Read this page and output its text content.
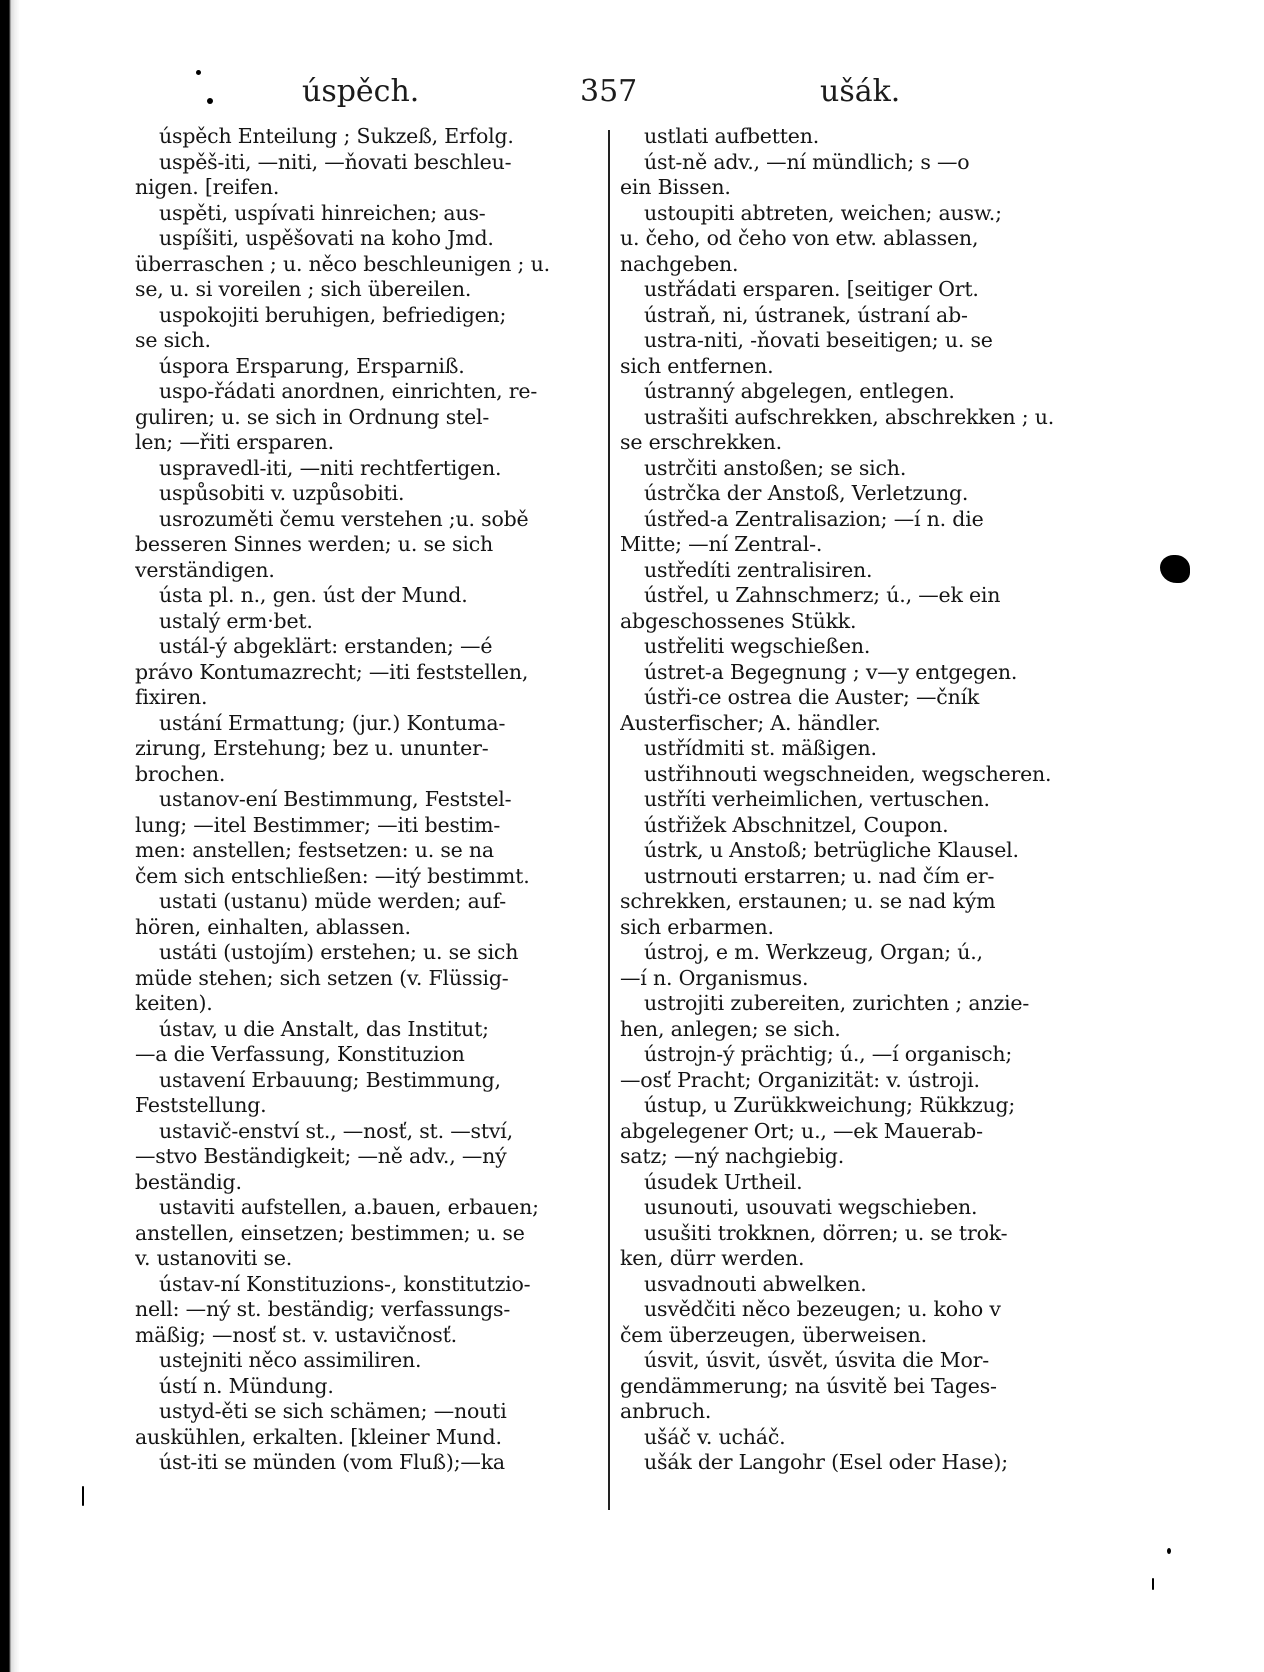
úspěch.	357	ušák.
úspěch Enteilung ; Sukzeß, Erfolg.
uspěš-iti, —niti, —ňovati beschleu-
nigen. [reifen.
uspěti, uspívati hinreichen; aus-
uspíšiti, uspěšovati na koho Jmd.
überraschen ; u. něco beschleunigen ; u.
se, u. si voreilen ; sich übereilen.
uspokojiti beruhigen, befriedigen;
se sich.
úspora Ersparung, Ersparniß.
uspo-řádati anordnen, einrichten, re-
guliren; u. se sich in Ordnung stel-
len; —řiti ersparen.
uspravedl-iti, —niti rechtfertigen.
uspůsobiti v. uzpůsobiti.
usrozuměti čemu verstehen ;u. sobě
besseren Sinnes werden; u. se sich
verständigen.
ústa pl. n., gen. úst der Mund.
ustalý erm·bet.
ustál-ý abgeklärt: erstanden; —é
právo Kontumazrecht; —iti feststellen,
fixiren.
ustání Ermattung; (jur.) Kontuma-
zirung, Erstehung; bez u. ununter-
brochen.
ustanov-ení Bestimmung, Feststel-
lung; —itel Bestimmer; —iti bestim-
men: anstellen; festsetzen: u. se na
čem sich entschließen: —itý bestimmt.
ustati (ustanu) müde werden; auf-
hören, einhalten, ablassen.
ustáti (ustojím) erstehen; u. se sich
müde stehen; sich setzen (v. Flüssig-
keiten).
ústav, u die Anstalt, das Institut;
—a die Verfassung, Konstituzion
ustavení Erbauung; Bestimmung,
Feststellung.
ustavič-enství st., —nosť, st. —ství,
—stvo Beständigkeit; —ně adv., —ný
beständig.
ustaviti aufstellen, a.bauen, erbauen;
anstellen, einsetzen; bestimmen; u. se
v. ustanoviti se.
ústav-ní Konstituzions-, konstitutzio-
nell: —ný st. beständig; verfassungs-
mäßig; —nosť st. v. ustavičnosť.
ustejniti něco assimiliren.
ústí n. Mündung.
ustyd-ěti se sich schämen; —nouti
auskühlen, erkalten. [kleiner Mund.
úst-iti se münden (vom Fluß);—ka
ustlati aufbetten.
úst-ně adv., —ní mündlich; s —o
ein Bissen.
ustoupiti abtreten, weichen; ausw.;
u. čeho, od čeho von etw. ablassen,
nachgeben.
ustřádati ersparen. [seitiger Ort.
ústraň, ni, ústranek, ústraní ab-
ustra-niti, -ňovati beseitigen; u. se
sich entfernen.
ústranný abgelegen, entlegen.
ustrašiti aufschrekken, abschrekken ; u.
se erschrekken.
ustrčiti anstoßen; se sich.
ústrčka der Anstoß, Verletzung.
ústřed-a Zentralisazion; —í n. die
Mitte; —ní Zentral-.
ustředíti zentralisiren.
ústřel, u Zahnschmerz; ú., —ek ein
abgeschossenes Stükk.
ustřeliti wegschießen.
ústret-a Begegnung ; v—y entgegen.
ústři-ce ostrea die Auster; —čník
Austerfischer; A. händler.
ustřídmiti st. mäßigen.
ustřihnouti wegschneiden, wegscheren.
ustříti verheimlichen, vertuschen.
ústřižek Abschnitzel, Coupon.
ústrk, u Anstoß; betrügliche Klausel.
ustrnouti erstarren; u. nad čím er-
schrekken, erstaunen; u. se nad kým
sich erbarmen.
ústroj, e m. Werkzeug, Organ; ú.,
—í n. Organismus.
ustrojiti zubereiten, zurichten ; anzie-
hen, anlegen; se sich.
ústrojn-ý prächtig; ú., —í organisch;
—osť Pracht; Organizität: v. ústroji.
ústup, u Zurükkweichung; Rükkzug;
abgelegener Ort; u., —ek Mauerab-
satz; —ný nachgiebig.
úsudek Urtheil.
usunouti, usouvati wegschieben.
usušiti trokknen, dörren; u. se trok-
ken, dürr werden.
usvadnouti abwelken.
usvědčiti něco bezeugen; u. koho v
čem überzeugen, überweisen.
úsvit, úsvit, úsvět, úsvita die Mor-
gendämmerung; na úsvitě bei Tages-
anbruch.
ušáč v. ucháč.
ušák der Langohr (Esel oder Hase);
